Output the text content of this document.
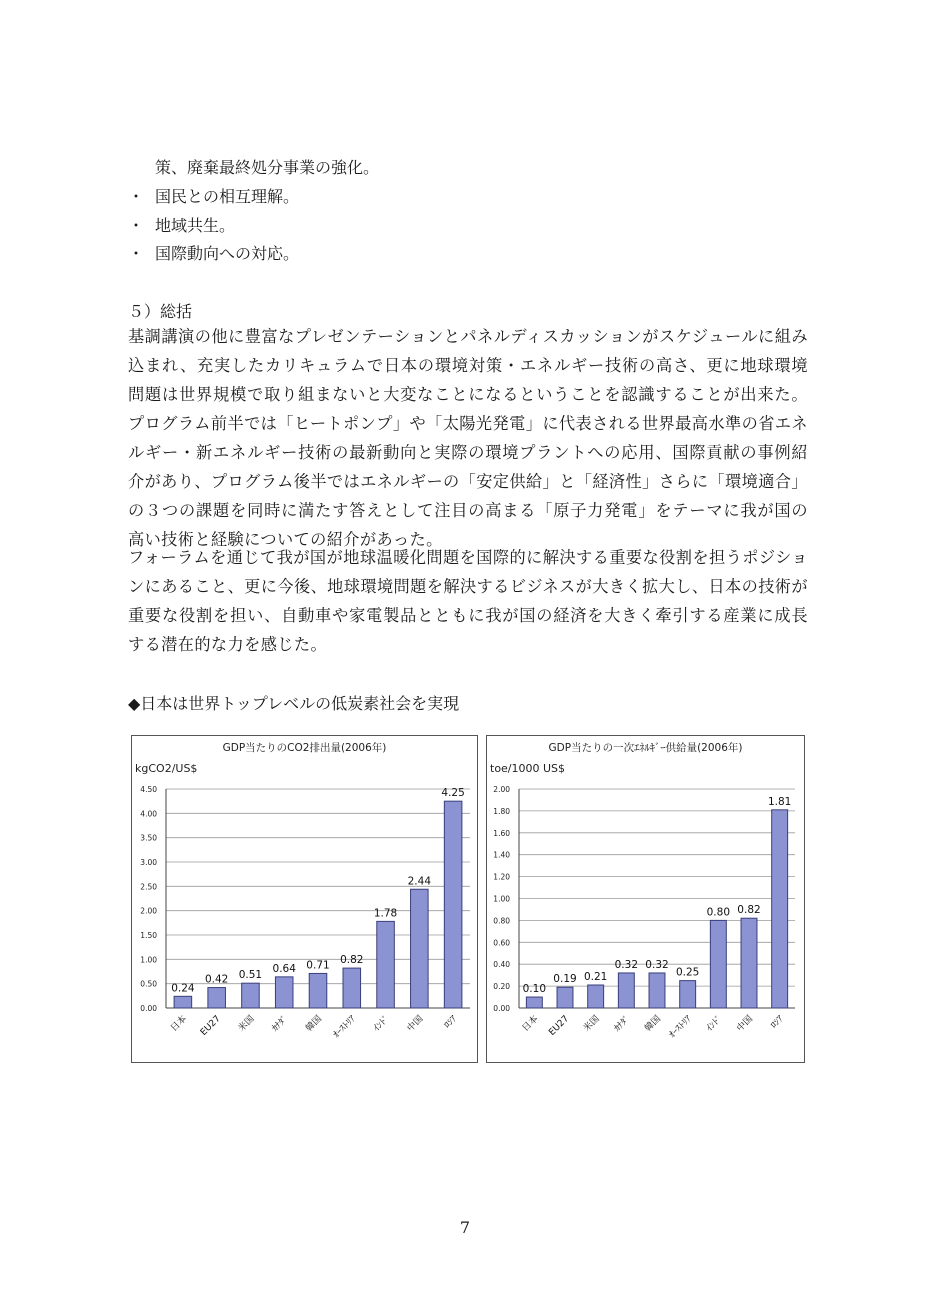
策、廃棄最終処分事業の強化。
・ 国民との相互理解。
・ 地域共生。
・ 国際動向への対応。
５）総括
基調講演の他に豊富なプレゼンテーションとパネルディスカッションがスケジュールに組み込まれ、充実したカリキュラムで日本の環境対策・エネルギー技術の高さ、更に地球環境問題は世界規模で取り組まないと大変なことになるということを認識することが出来た。プログラム前半では「ヒートポンプ」や「太陽光発電」に代表される世界最高水準の省エネルギー・新エネルギー技術の最新動向と実際の環境プラントへの応用、国際貢献の事例紹介があり、プログラム後半ではエネルギーの「安定供給」と「経済性」さらに「環境適合」の３つの課題を同時に満たす答えとして注目の高まる「原子力発電」をテーマに我が国の高い技術と経験についての紹介があった。
フォーラムを通じて我が国が地球温暖化問題を国際的に解決する重要な役割を担うポジションにあること、更に今後、地球環境問題を解決するビジネスが大きく拡大し、日本の技術が重要な役割を担い、自動車や家電製品とともに我が国の経済を大きく牽引する産業に成長する潜在的な力を感じた。
◆日本は世界トップレベルの低炭素社会を実現
GDP当たりのCO2排出量(2006年)
kgCO2/US$
0.00
0.50
1.00
1.50
2.00
2.50
3.00
3.50
4.00
4.50
0.24
日本
0.42
EU27
0.51
米国
0.64
ｶﾅﾀﾞ
0.71
韓国
0.82
ｵｰｽﾄﾘｱ
1.78
ｲﾝﾄﾞ
2.44
中国
4.25
ﾛｼｱ
GDP当たりの一次ｴﾈﾙｷﾞｰ供給量(2006年)
toe/1000 US$
0.00
0.20
0.40
0.60
0.80
1.00
1.20
1.40
1.60
1.80
2.00
0.10
日本
0.19
EU27
0.21
米国
0.32
ｶﾅﾀﾞ
0.32
韓国
0.25
ｵｰｽﾄﾘｱ
0.80
ｲﾝﾄﾞ
0.82
中国
1.81
ﾛｼｱ
7
